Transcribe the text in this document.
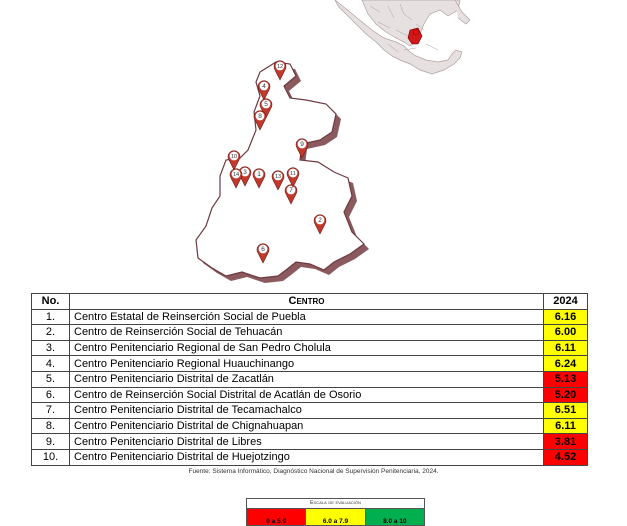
1
2
3
4
5
6
7
8
9
10
11
12
13
14
No.	Centro	2024
1.	Centro Estatal de Reinserción Social de Puebla	6.16
2.	Centro de Reinserción Social de Tehuacán	6.00
3.	Centro Penitenciario Regional de San Pedro Cholula	6.11
4.	Centro Penitenciario Regional Huauchinango	6.24
5.	Centro Penitenciario Distrital de Zacatlán	5.13
6.	Centro de Reinserción Social Distrital de Acatlán de Osorio	5.20
7.	Centro Penitenciario Distrital de Tecamachalco	6.51
8.	Centro Penitenciario Distrital de Chignahuapan	6.11
9.	Centro Penitenciario Distrital de Libres	3.81
10.	Centro Penitenciario Distrital de Huejotzingo	4.52
Fuente: Sistema Informático, Diagnóstico Nacional de Supervisión Penitenciaria, 2024.
Escala de evaluación
0 a 5.9	6.0 a 7.9	8.0 a 10
